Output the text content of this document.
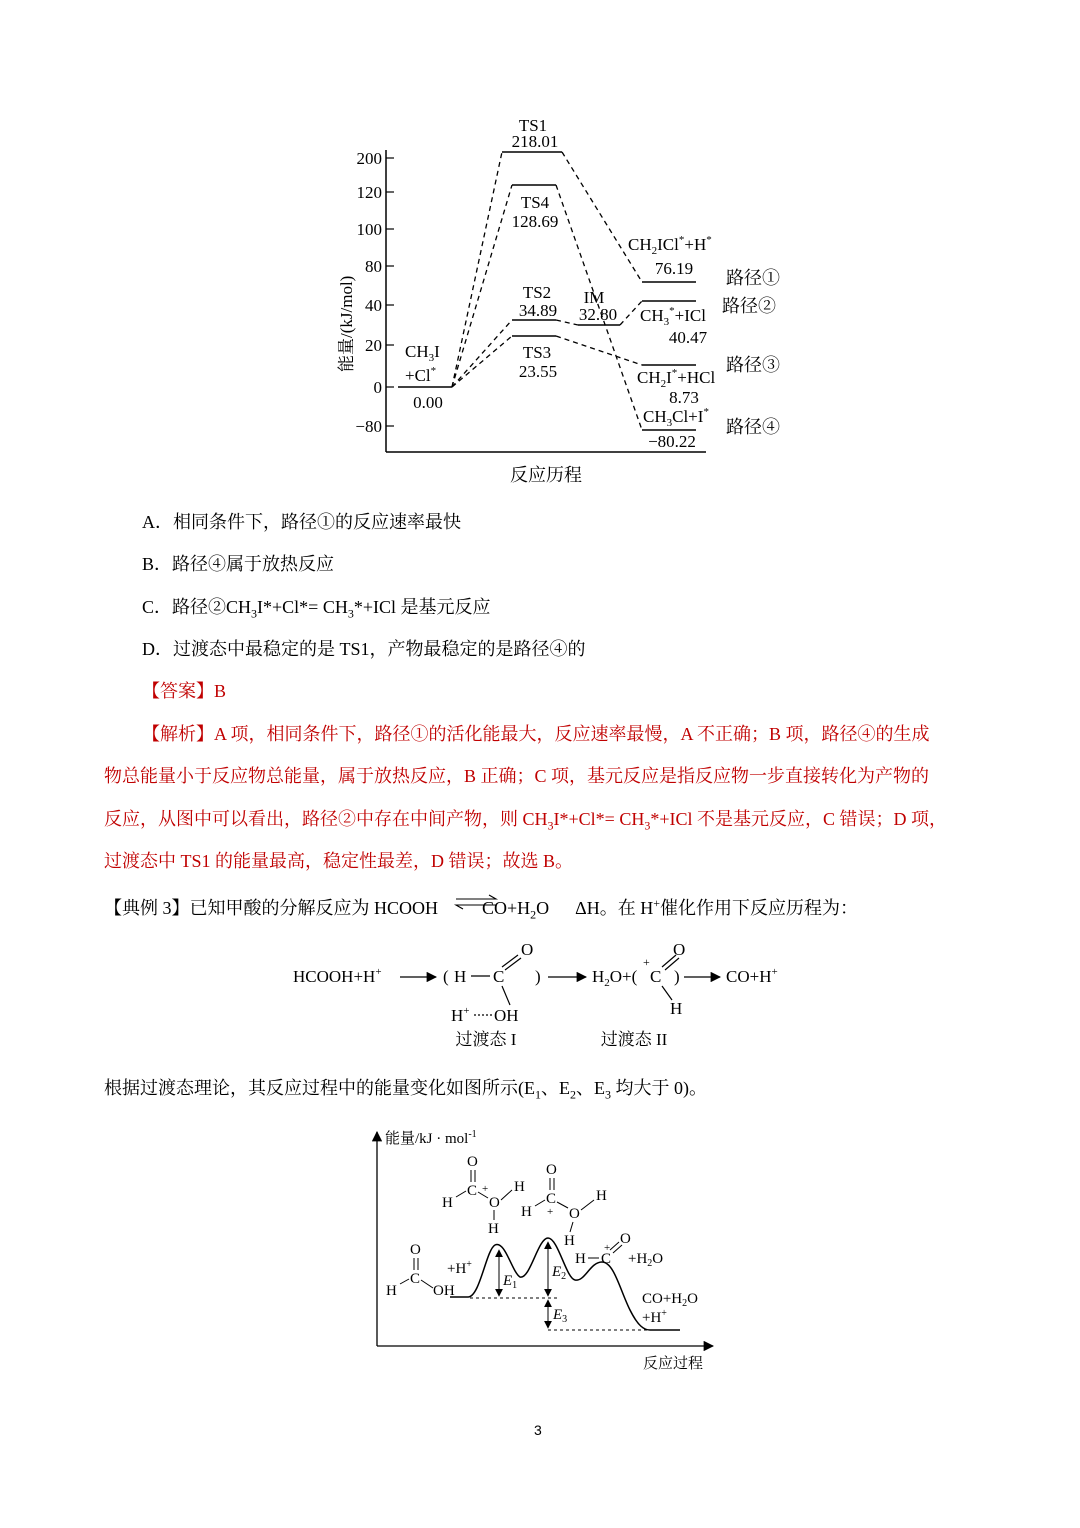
200
120
100
80
40
20
0
−80
能量/(kJ/mol)
反应历程
TS1
218.01
TS4
128.69
TS2
34.89
IM
32.80
TS3
23.55
$CH_3I$
+Cl*
0.00
$CH_2ICl^*+H^*$
76.19
$CH_3^*+ICl$
40.47
$CH_2I^*+HCl$
8.73
$CH_3Cl+I^*$
−80.22
路径①
路径②
路径③
路径④
HCOOH+H+	( H C
O
OH
H+
)
过渡态 I
$H_2O+$(
+
C
O
H
)
过渡态 II
CO+H+
能量/kJ · mol$^{-1}$
反应过程
$E_1$
$E_2$
$E_3$
O
C
H OH
+H+
O
C
H
+
O
H
H
O
C
H + O
H
H
H C
+
O
$+H_2O$
$CO+H_2O$
+H+
A．相同条件下，路径①的反应速率最快
B．路径④属于放热反应
C．路径$②CH_3I*+Cl*= CH_3*+ICl$ 是基元反应
D．过渡态中最稳定的是 TS1，产物最稳定的是路径④的
【答案】B
【解析】A 项，相同条件下，路径①的活化能最大，反应速率最慢，A 不正确；B 项，路径④的生成
物总能量小于反应物总能量，属于放热反应，B 正确；C 项，基元反应是指反应物一步直接转化为产物的
反应，从图中可以看出，路径②中存在中间产物，则 $CH_3I*+Cl*= CH_3*+ICl$ 不是基元反应，C 错误；D 项，
过渡态中 TS1 的能量最高，稳定性最差，D 错误；故选 B。
【典例 3】已知甲酸的分解反应为 HCOOH $CO+H_2O$ ΔH。在 H+催化作用下反应历程为：
根据过渡态理论，其反应过程中的能量变化如图所示($E_1$、$E_2$、$E_3$ 均大于 0)。
3
